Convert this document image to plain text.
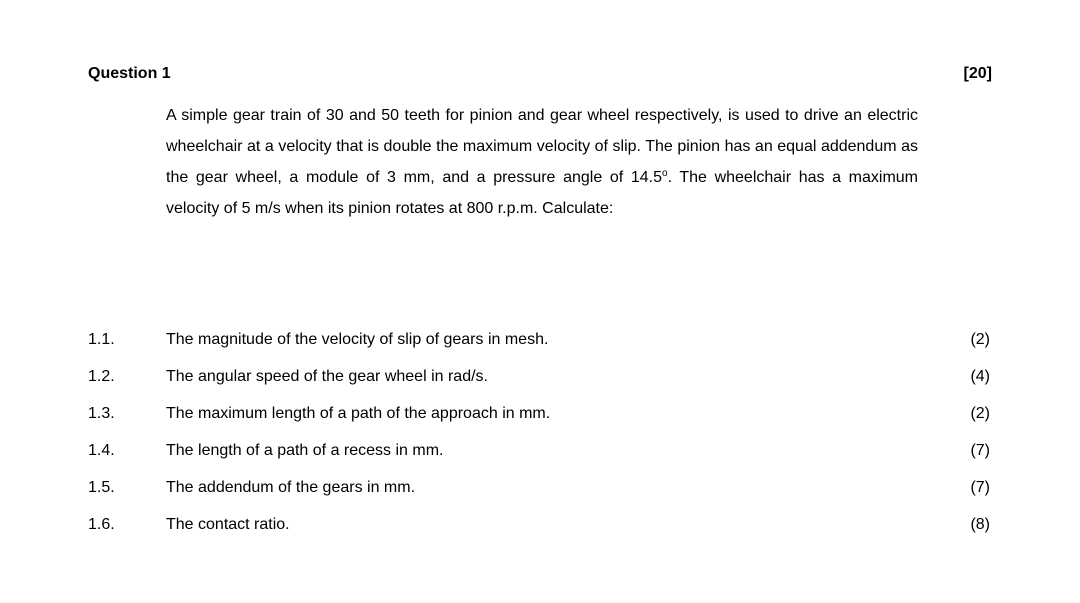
Question 1	[20]

A simple gear train of 30 and 50 teeth for pinion and gear wheel respectively, is used to drive an electric wheelchair at a velocity that is double the maximum velocity of slip. The pinion has an equal addendum as the gear wheel, a module of 3 mm, and a pressure angle of 14.5$^o$. The wheelchair has a maximum velocity of 5 m/s when its pinion rotates at 800 r.p.m. Calculate:

1.1.	The magnitude of the velocity of slip of gears in mesh.	(2)
1.2.	The angular speed of the gear wheel in rad/s.	(4)
1.3.	The maximum length of a path of the approach in mm.	(2)
1.4.	The length of a path of a recess in mm.	(7)
1.5.	The addendum of the gears in mm.	(7)
1.6.	The contact ratio.	(8)
